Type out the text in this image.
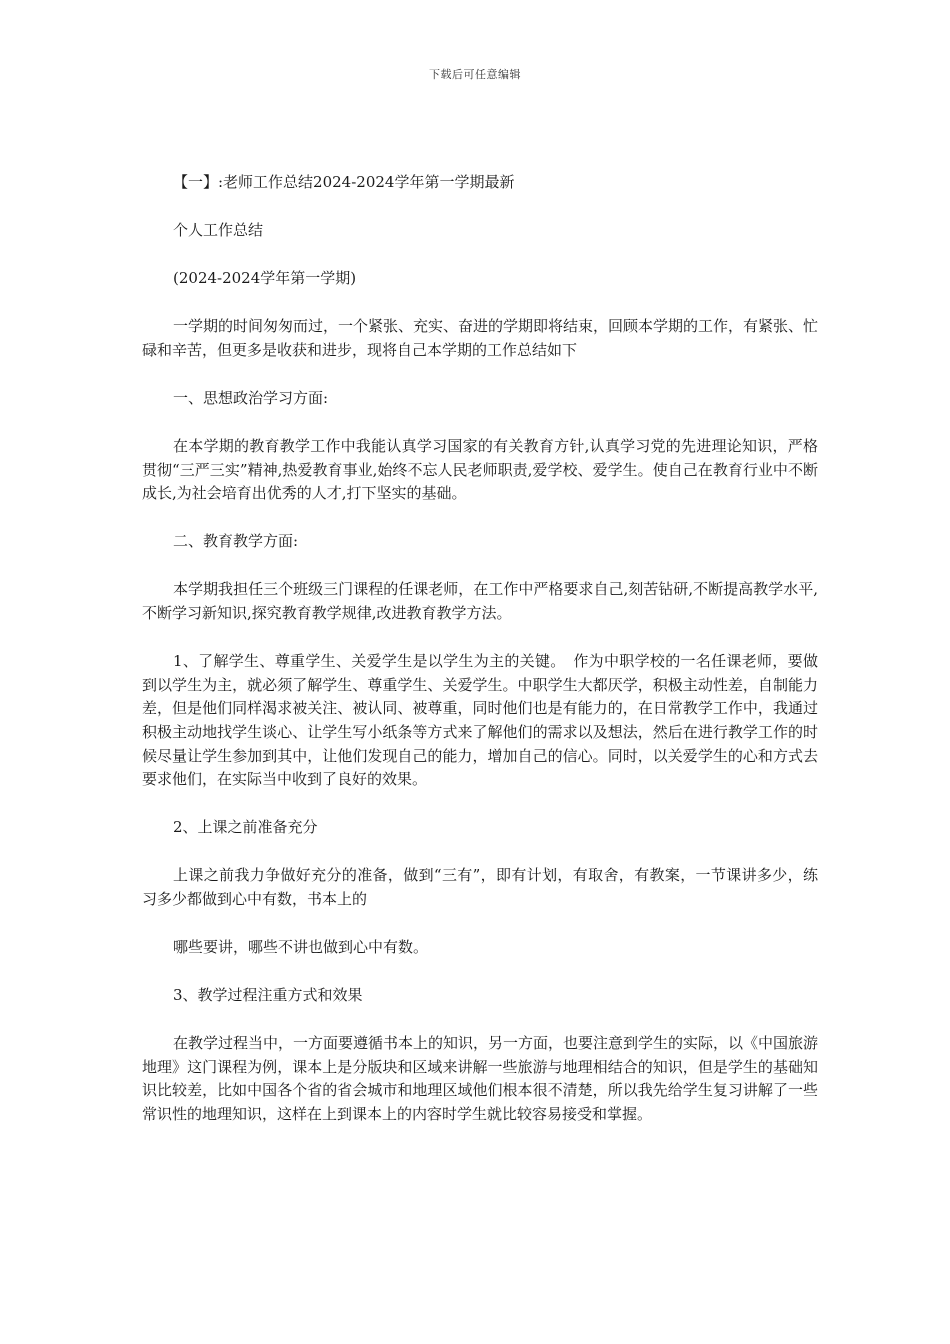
下载后可任意编辑
【一】:老师工作总结2024-2024学年第一学期最新
个人工作总结
(2024-2024学年第一学期)
一学期的时间匆匆而过，一个紧张、充实、奋进的学期即将结束，回顾本学期的工作，有紧张、忙碌和辛苦，但更多是收获和进步，现将自己本学期的工作总结如下
一、思想政治学习方面:
在本学期的教育教学工作中我能认真学习国家的有关教育方针,认真学习党的先进理论知识，严格贯彻“三严三实”精神,热爱教育事业,始终不忘人民老师职责,爱学校、爱学生。使自己在教育行业中不断成长,为社会培育出优秀的人才,打下坚实的基础。
二、教育教学方面:
本学期我担任三个班级三门课程的任课老师，在工作中严格要求自己,刻苦钻研,不断提高教学水平,不断学习新知识,探究教育教学规律,改进教育教学方法。
1、了解学生、尊重学生、关爱学生是以学生为主的关键。　作为中职学校的一名任课老师，要做到以学生为主，就必须了解学生、尊重学生、关爱学生。中职学生大都厌学，积极主动性差，自制能力差，但是他们同样渴求被关注、被认同、被尊重，同时他们也是有能力的，在日常教学工作中，我通过积极主动地找学生谈心、让学生写小纸条等方式来了解他们的需求以及想法，然后在进行教学工作的时候尽量让学生参加到其中，让他们发现自己的能力，增加自己的信心。同时，以关爱学生的心和方式去要求他们，在实际当中收到了良好的效果。
2、上课之前准备充分
上课之前我力争做好充分的准备，做到“三有”，即有计划，有取舍，有教案，一节课讲多少，练习多少都做到心中有数，书本上的
哪些要讲，哪些不讲也做到心中有数。
3、教学过程注重方式和效果
在教学过程当中，一方面要遵循书本上的知识，另一方面，也要注意到学生的实际，以《中国旅游地理》这门课程为例，课本上是分版块和区域来讲解一些旅游与地理相结合的知识，但是学生的基础知识比较差，比如中国各个省的省会城市和地理区域他们根本很不清楚，所以我先给学生复习讲解了一些常识性的地理知识，这样在上到课本上的内容时学生就比较容易接受和掌握。
